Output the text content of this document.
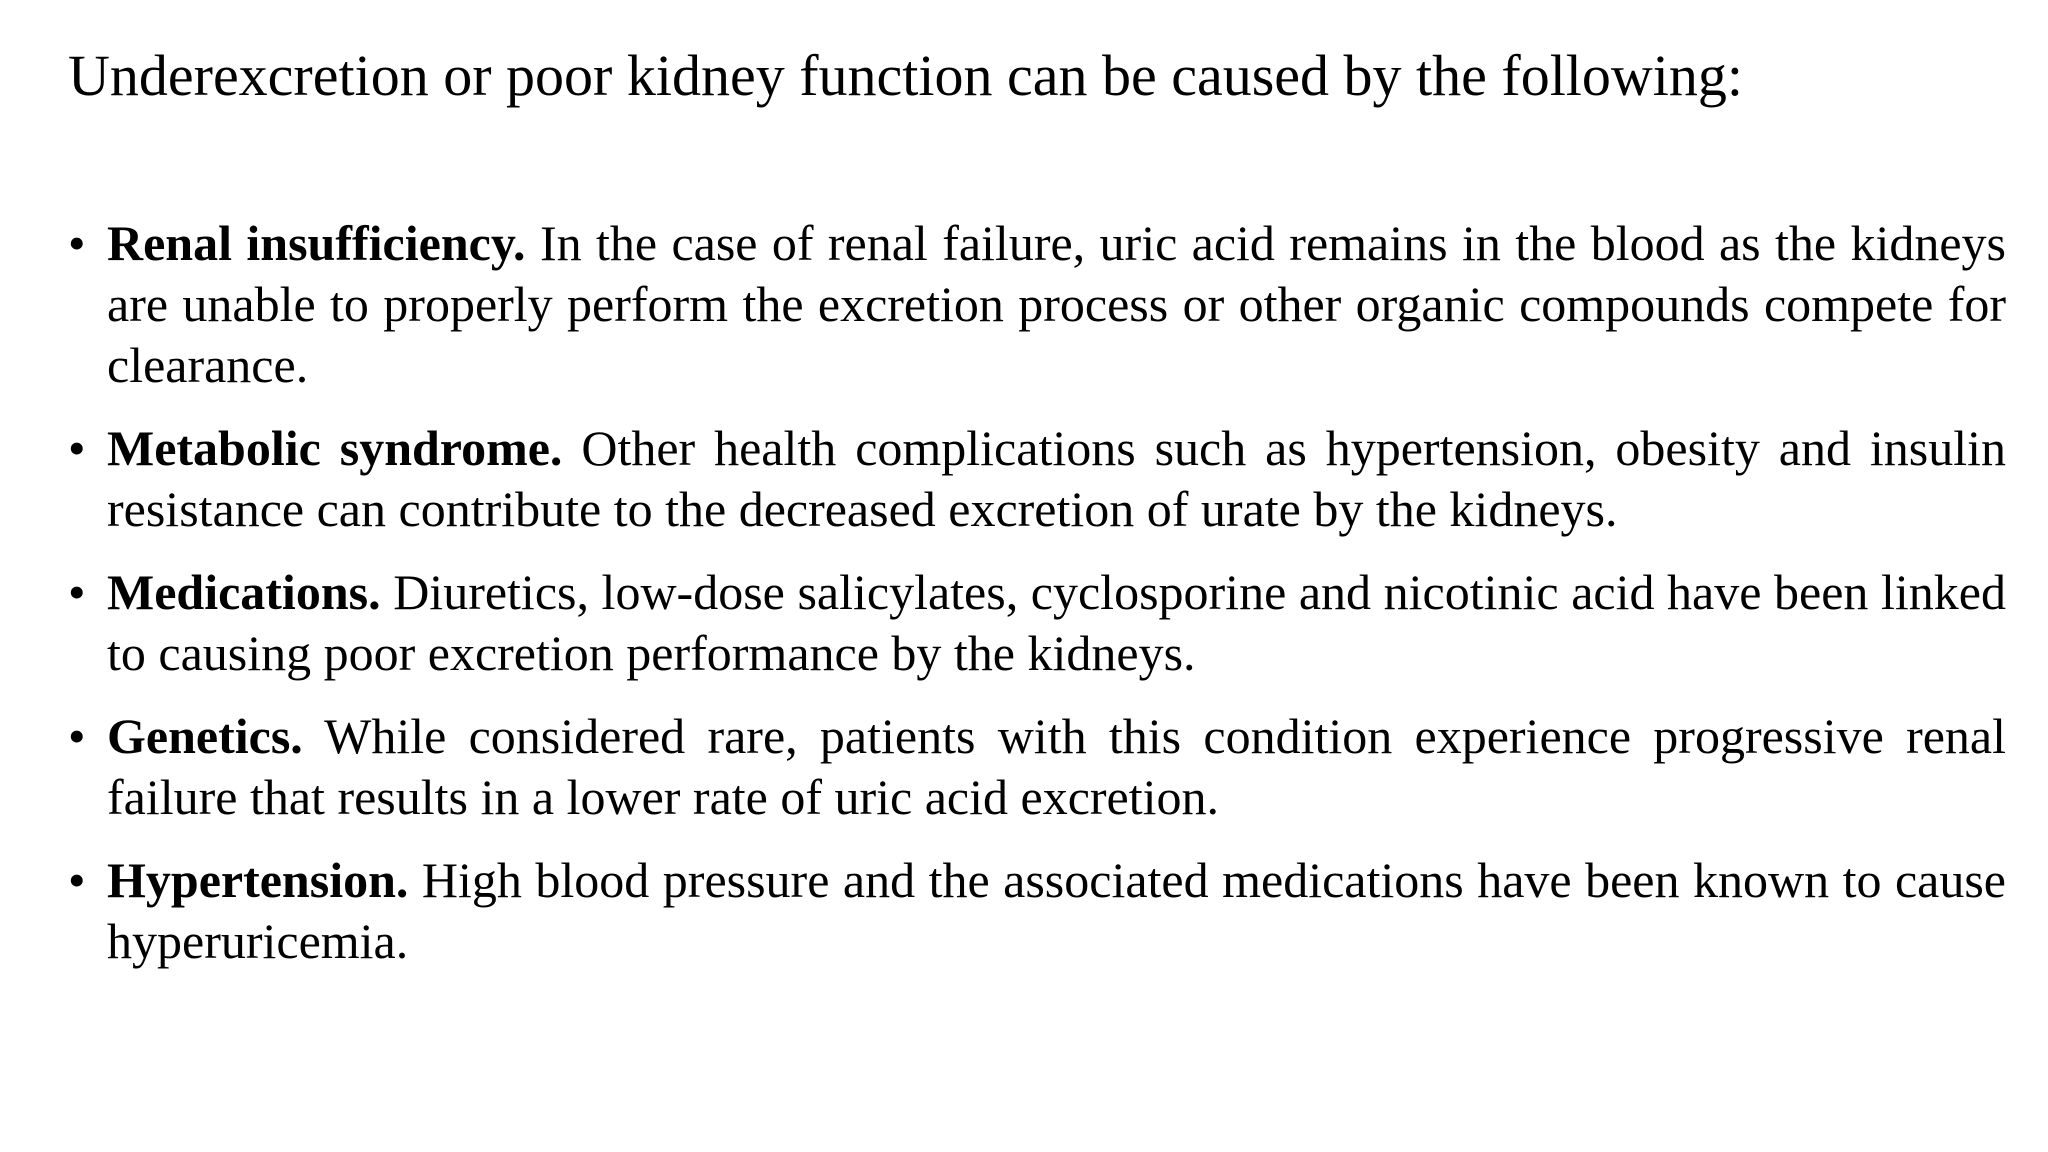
Underexcretion or poor kidney function can be caused by the following:

• Renal insufficiency. In the case of renal failure, uric acid remains in the blood as the kidneys are unable to properly perform the excretion process or other organic compounds compete for clearance.
• Metabolic syndrome. Other health complications such as hypertension, obesity and insulin resistance can contribute to the decreased excretion of urate by the kidneys.
• Medications. Diuretics, low-dose salicylates, cyclosporine and nicotinic acid have been linked to causing poor excretion performance by the kidneys.
• Genetics. While considered rare, patients with this condition experience progressive renal failure that results in a lower rate of uric acid excretion.
• Hypertension. High blood pressure and the associated medications have been known to cause hyperuricemia.
